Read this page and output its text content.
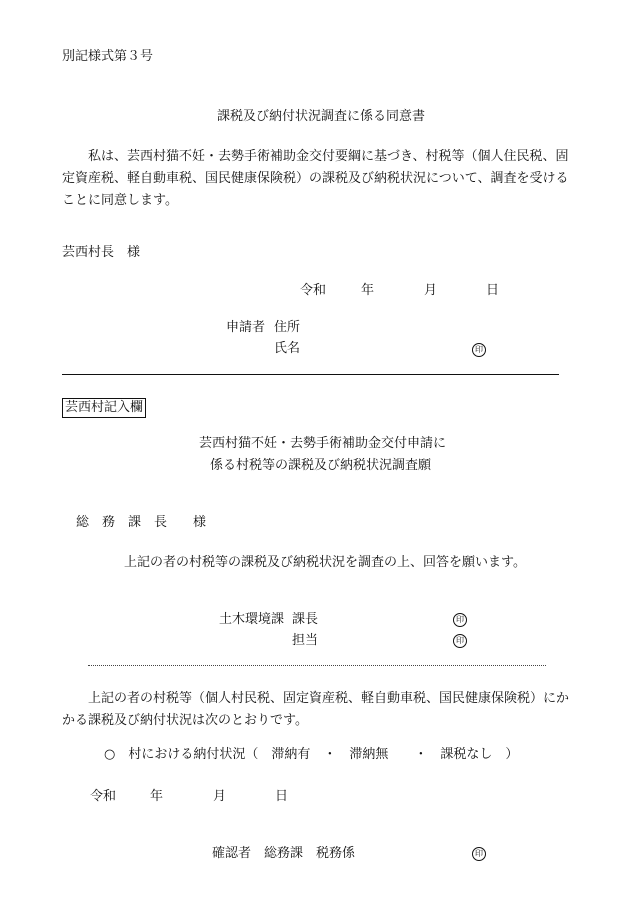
別記様式第３号
課税及び納付状況調査に係る同意書
私は、芸西村猫不妊・去勢手術補助金交付要綱に基づき、村税等（個人住民税、固定資産税、軽自動車税、国民健康保険税）の課税及び納税状況について、調査を受けることに同意します。
芸西村長　様
令和	年	月	日
申請者 住所
氏名	印
芸西村記入欄
芸西村猫不妊・去勢手術補助金交付申請に
係る村税等の課税及び納税状況調査願
総　務　課　長　　様
上記の者の村税等の課税及び納税状況を調査の上、回答を願います。
土木環境課 課長	印
担当	印
上記の者の村税等（個人村民税、固定資産税、軽自動車税、国民健康保険税）にかかる課税及び納付状況は次のとおりです。
○　村における納付状況（　滞納有　・　滞納無　　・　課税なし　）
令和	年	月	日
確認者　総務課　税務係	印
